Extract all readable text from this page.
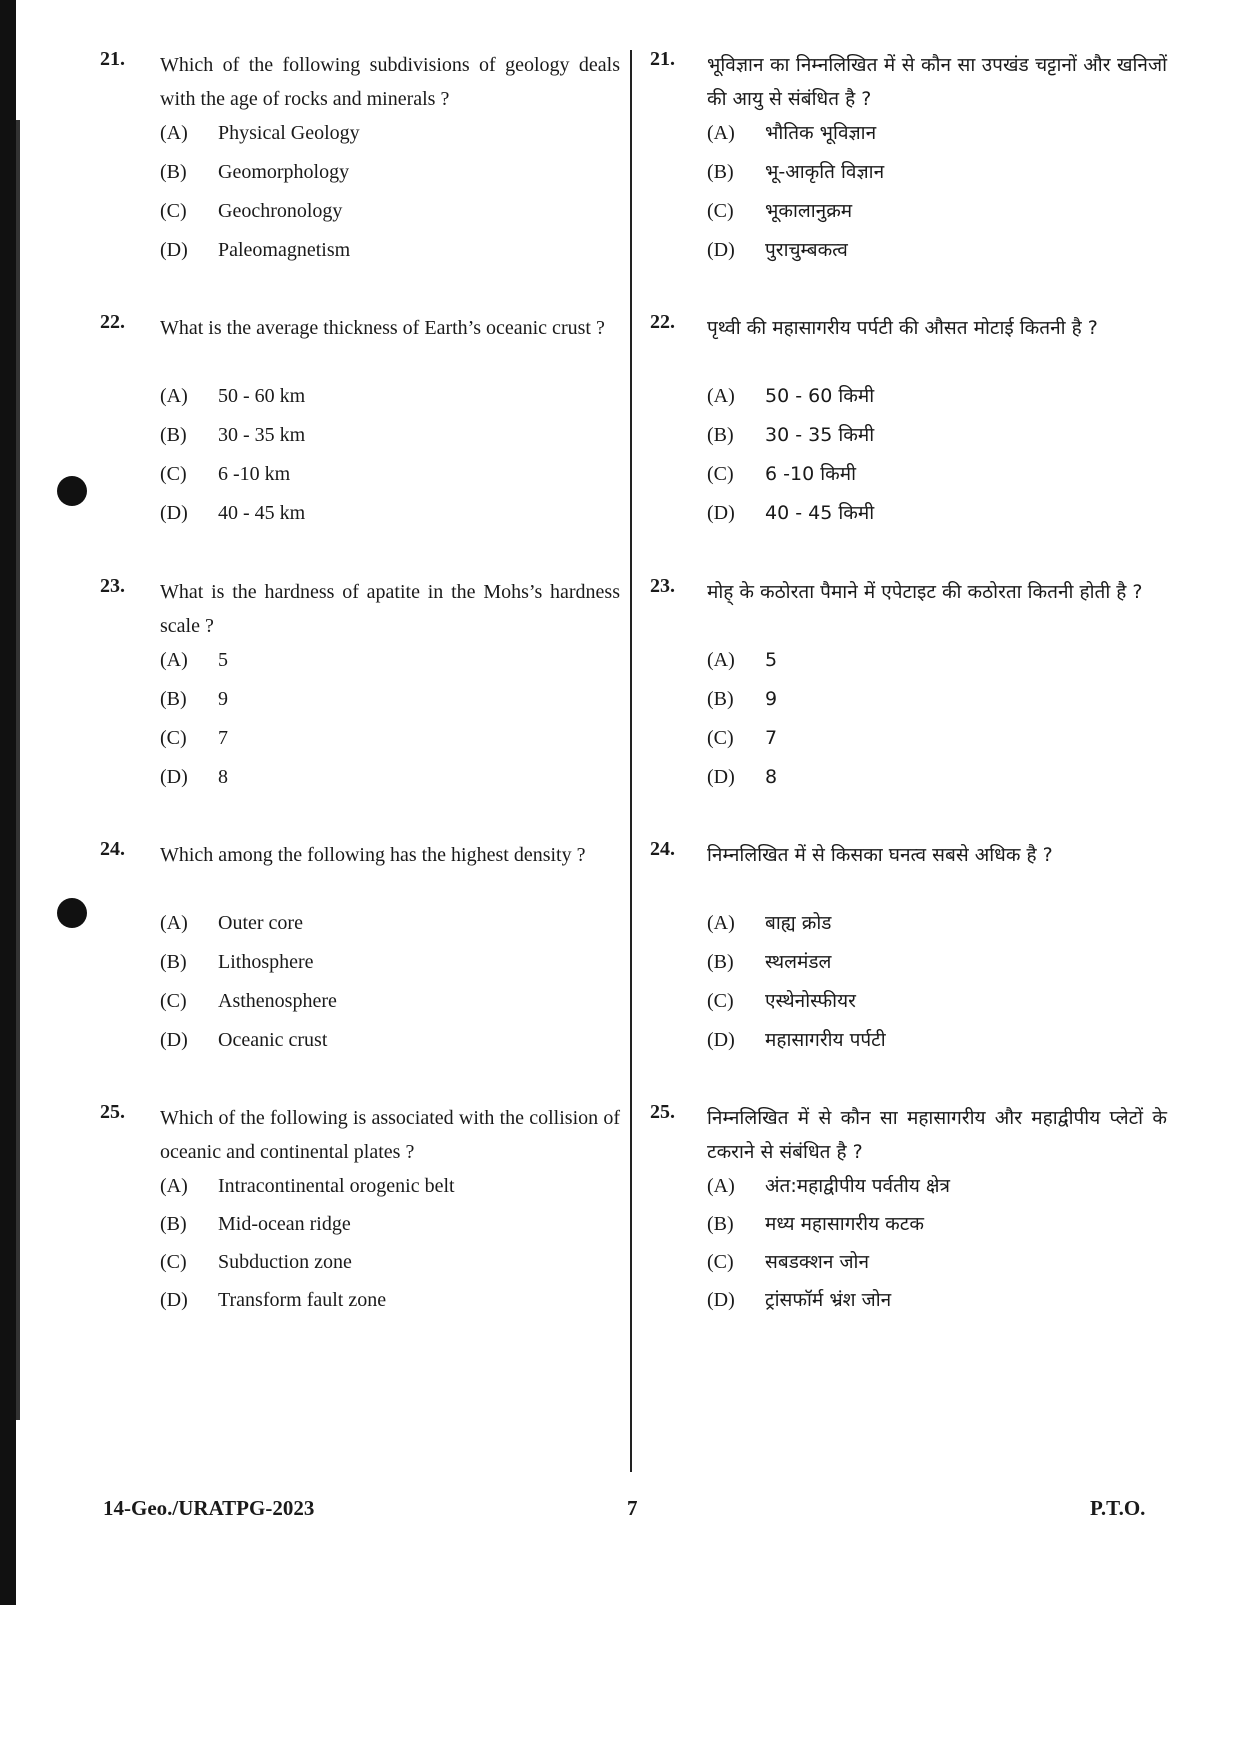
21. Which of the following subdivisions of geology deals with the age of rocks and minerals ?
(A)	Physical Geology
(B)	Geomorphology
(C)	Geochronology
(D)	Paleomagnetism
22. What is the average thickness of Earth’s oceanic crust ?
(A)	50 - 60 km
(B)	30 - 35 km
(C)	6 -10 km
(D)	40 - 45 km
23. What is the hardness of apatite in the Mohs’s hardness scale ?
(A)	5
(B)	9
(C)	7
(D)	8
24. Which among the following has the highest density ?
(A)	Outer core
(B)	Lithosphere
(C)	Asthenosphere
(D)	Oceanic crust
25. Which of the following is associated with the collision of oceanic and continental plates ?
(A)	Intracontinental orogenic belt
(B)	Mid-ocean ridge
(C)	Subduction zone
(D)	Transform fault zone
21. भूविज्ञान का निम्नलिखित में से कौन सा उपखंड चट्टानों और खनिजों की आयु से संबंधित है ?
(A)	भौतिक भूविज्ञान
(B)	भू-आकृति विज्ञान
(C)	भूकालानुक्रम
(D)	पुराचुम्बकत्व
22. पृथ्वी की महासागरीय पर्पटी की औसत मोटाई कितनी है ?
(A)	50 - 60 किमी
(B)	30 - 35 किमी
(C)	6 -10 किमी
(D)	40 - 45 किमी
23. मोह् के कठोरता पैमाने में एपेटाइट की कठोरता कितनी होती है ?
(A)	5
(B)	9
(C)	7
(D)	8
24. निम्नलिखित में से किसका घनत्व सबसे अधिक है ?
(A)	बाह्य क्रोड
(B)	स्थलमंडल
(C)	एस्थेनोस्फीयर
(D)	महासागरीय पर्पटी
25. निम्नलिखित में से कौन सा महासागरीय और महाद्वीपीय प्लेटों के टकराने से संबंधित है ?
(A)	अंत:महाद्वीपीय पर्वतीय क्षेत्र
(B)	मध्य महासागरीय कटक
(C)	सबडक्शन जोन
(D)	ट्रांसफॉर्म भ्रंश जोन
14-Geo./URATPG-2023	7	P.T.O.
